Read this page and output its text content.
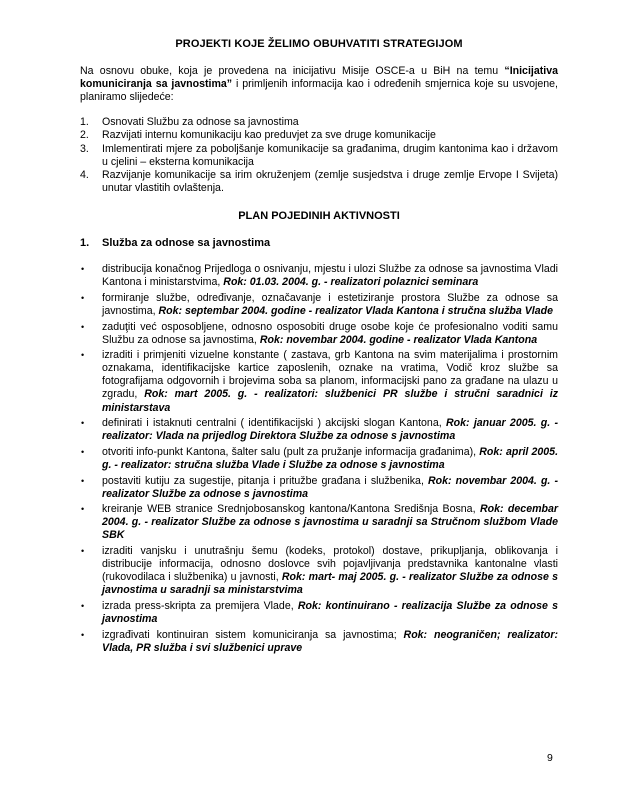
PROJEKTI KOJE ŽELIMO OBUHVATITI STRATEGIJOM

Na osnovu obuke, koja je provedena na inicijativu Misije OSCE-a u BiH na temu “Inicijativa komuniciranja sa javnostima” i primljenih informacija kao i određenih smjernica koje su usvojene, planiramo slijedeće:

1. Osnovati Službu za odnose sa javnostima
2. Razvijati internu komunikaciju kao preduvjet za sve druge komunikacije
3. Imlementirati mjere za poboljšanje komunikacije sa građanima, drugim kantonima kao i državom u cjelini – eksterna komunikacija
4. Razvijanje komunikacije sa irim okruženjem (zemlje susjedstva i druge zemlje Ervope I Svijeta) unutar vlastitih ovlaštenja.

PLAN POJEDINIH AKTIVNOSTI

1. Služba za odnose sa javnostima

• distribucija konačnog Prijedloga o osnivanju, mjestu i ulozi Službe za odnose sa javnostima Vladi Kantona i ministarstvima, Rok: 01.03. 2004. g. - realizatori polaznici seminara
• formiranje službe, određivanje, označavanje i estetiziranje prostora Službe za odnose sa javnostima, Rok: septembar 2004. godine - realizator Vlada Kantona i stručna služba Vlade
• zaduţiti već osposobljene, odnosno osposobiti druge osobe koje će profesionalno voditi samu Službu za odnose sa javnostima, Rok: novembar 2004. godine - realizator Vlada Kantona
• izraditi i primjeniti vizuelne konstante ( zastava, grb Kantona na svim materijalima i prostornim oznakama, identifikacijske kartice zaposlenih, oznake na vratima, Vodič kroz službe sa fotografijama odgovornih i brojevima soba sa planom, informacijski pano za građane na ulazu u zgradu, Rok: mart 2005. g. - realizatori: službenici PR službe i stručni saradnici iz ministarstava
• definirati i istaknuti centralni ( identifikacijski ) akcijski slogan Kantona, Rok: januar 2005. g. - realizator: Vlada na prijedlog Direktora Službe za odnose s javnostima
• otvoriti info-punkt Kantona, šalter salu (pult za pružanje informacija građanima), Rok: april 2005. g. - realizator: stručna služba Vlade i Službe za odnose s javnostima
• postaviti kutiju za sugestije, pitanja i pritužbe građana i službenika, Rok: novembar 2004. g. - realizator Službe za odnose s javnostima
• kreiranje WEB stranice Srednjobosanskog kantona/Kantona Središnja Bosna, Rok: decembar 2004. g. - realizator Službe za odnose s javnostima u saradnji sa Stručnom službom Vlade SBK
• izraditi vanjsku i unutrašnju šemu (kodeks, protokol) dostave, prikupljanja, oblikovanja i distribucije informacija, odnosno doslovce svih pojavljivanja predstavnika kantonalne vlasti (rukovodilaca i službenika) u javnosti, Rok: mart- maj 2005. g. - realizator Službe za odnose s javnostima u saradnji sa ministarstvima
• izrada press-skripta za premijera Vlade, Rok: kontinuirano - realizacija Službe za odnose s javnostima
• izgrađivati kontinuiran sistem komuniciranja sa javnostima; Rok: neograničen; realizator: Vlada, PR služba i svi službenici uprave
9
